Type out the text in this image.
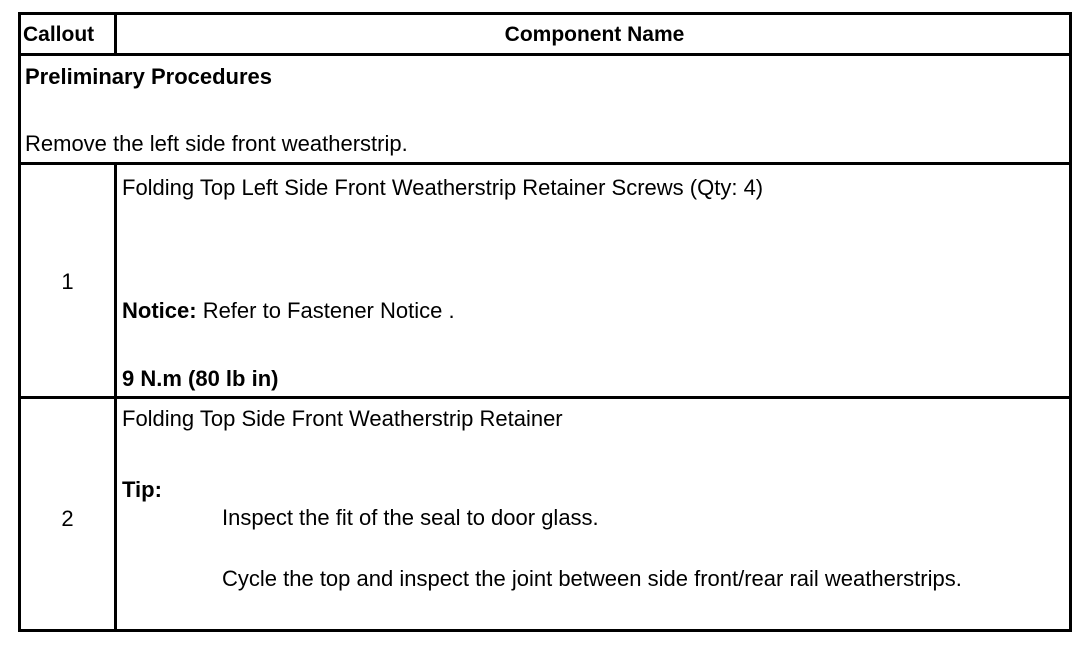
Callout	Component Name
Preliminary Procedures
Remove the left side front weatherstrip.
1
Folding Top Left Side Front Weatherstrip Retainer Screws (Qty: 4)
Notice: Refer to Fastener Notice .
9 N.m (80 lb in)
2
Folding Top Side Front Weatherstrip Retainer
Tip:
Inspect the fit of the seal to door glass.
Cycle the top and inspect the joint between side front/rear rail weatherstrips.
